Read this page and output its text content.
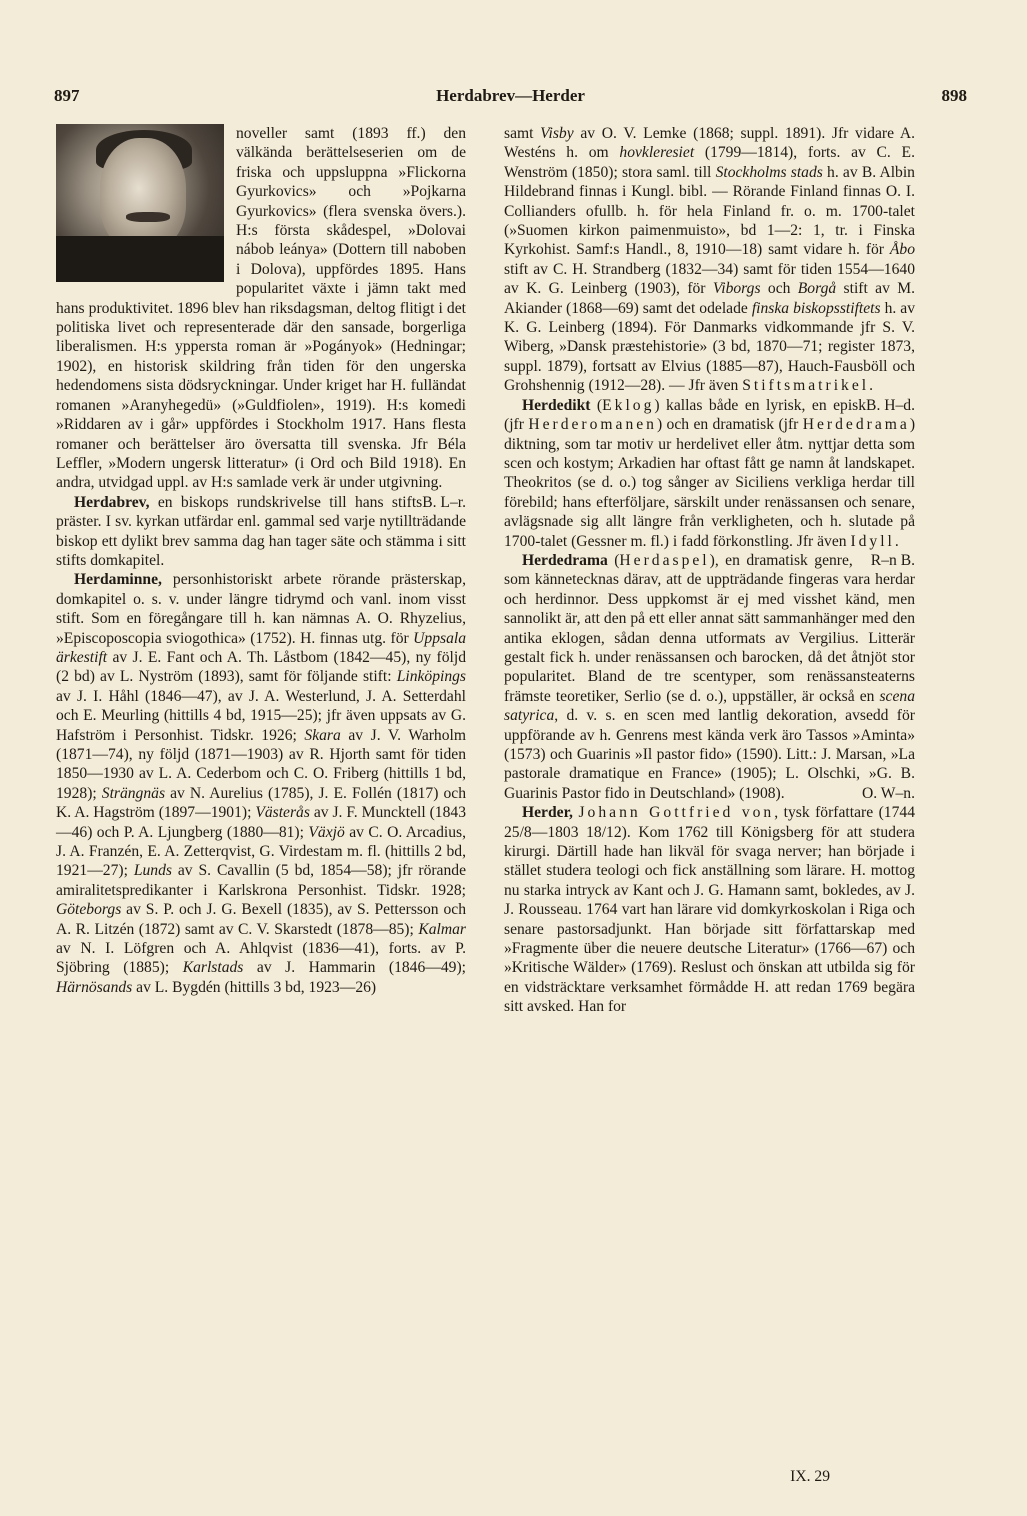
897	Herdabrev—Herder	898

noveller samt (1893 ff.) den välkända berättelseserien om de friska och uppsluppna »Flickorna Gyurkovics» och »Pojkarna Gyurkovics» (flera svenska övers.). H:s första skådespel, »Dolovai nábob leánya» (Dottern till naboben i Dolova), uppfördes 1895. Hans popularitet växte i jämn takt med hans produktivitet. 1896 blev han riksdagsman, deltog flitigt i det politiska livet och representerade där den sansade, borgerliga liberalismen. H:s yppersta roman är »Pogányok» (Hedningar; 1902), en historisk skildring från tiden för den ungerska hedendomens sista dödsryckningar. Under kriget har H. fulländat romanen »Aranyhegedü» (»Guldfiolen», 1919). H:s komedi »Riddaren av i går» uppfördes i Stockholm 1917. Hans flesta romaner och berättelser äro översatta till svenska. Jfr Béla Leffler, »Modern ungersk litteratur» (i Ord och Bild 1918). En andra, utvidgad uppl. av H:s samlade verk är under utgivning.
B. L–r.

Herdabrev, en biskops rundskrivelse till hans stifts präster. I sv. kyrkan utfärdar enl. gammal sed varje nytillträdande biskop ett dylikt brev samma dag han tager säte och stämma i sitt stifts domkapitel.

Herdaminne, personhistoriskt arbete rörande prästerskap, domkapitel o. s. v. under längre tidrymd och vanl. inom visst stift. Som en föregångare till h. kan nämnas A. O. Rhyzelius, »Episcoposcopia sviogothica» (1752). H. finnas utg. för Uppsala ärkestift av J. E. Fant och A. Th. Låstbom (1842—45), ny följd (2 bd) av L. Nyström (1893), samt för följande stift: Linköpings av J. I. Håhl (1846—47), av J. A. Westerlund, J. A. Setterdahl och E. Meurling (hittills 4 bd, 1915—25); jfr även uppsats av G. Hafström i Personhist. Tidskr. 1926; Skara av J. V. Warholm (1871—74), ny följd (1871—1903) av R. Hjorth samt för tiden 1850—1930 av L. A. Cederbom och C. O. Friberg (hittills 1 bd, 1928); Strängnäs av N. Aurelius (1785), J. E. Follén (1817) och K. A. Hagström (1897—1901); Västerås av J. F. Muncktell (1843—46) och P. A. Ljungberg (1880—81); Växjö av C. O. Arcadius, J. A. Franzén, E. A. Zetterqvist, G. Virdestam m. fl. (hittills 2 bd, 1921—27); Lunds av S. Cavallin (5 bd, 1854—58); jfr rörande amiralitetspredikanter i Karlskrona Personhist. Tidskr. 1928; Göteborgs av S. P. och J. G. Bexell (1835), av S. Pettersson och A. R. Litzén (1872) samt av C. V. Skarstedt (1878—85); Kalmar av N. I. Löfgren och A. Ahlqvist (1836—41), forts. av P. Sjöbring (1885); Karlstads av J. Hammarin (1846—49); Härnösands av L. Bygdén (hittills 3 bd, 1923—26)

samt Visby av O. V. Lemke (1868; suppl. 1891). Jfr vidare A. Westéns h. om hovkleresiet (1799—1814), forts. av C. E. Wenström (1850); stora saml. till Stockholms stads h. av B. Albin Hildebrand finnas i Kungl. bibl. — Rörande Finland finnas O. I. Collianders ofullb. h. för hela Finland fr. o. m. 1700-talet (»Suomen kirkon paimenmuisto», bd 1—2: 1, tr. i Finska Kyrkohist. Samf:s Handl., 8, 1910—18) samt vidare h. för Åbo stift av C. H. Strandberg (1832—34) samt för tiden 1554—1640 av K. G. Leinberg (1903), för Viborgs och Borgå stift av M. Akiander (1868—69) samt det odelade finska biskopsstiftets h. av K. G. Leinberg (1894). För Danmarks vidkommande jfr S. V. Wiberg, »Dansk præstehistorie» (3 bd, 1870—71; register 1873, suppl. 1879), fortsatt av Elvius (1885—87), Hauch-Fausböll och Grohshennig (1912—28). — Jfr även Stiftsmatrikel.
B. H–d.

Herdedikt (Eklog) kallas både en lyrisk, en episk (jfr Herderomanen) och en dramatisk (jfr Herdedrama) diktning, som tar motiv ur herdelivet eller åtm. nyttjar detta som scen och kostym; Arkadien har oftast fått ge namn åt landskapet. Theokritos (se d. o.) tog sånger av Siciliens verkliga herdar till förebild; hans efterföljare, särskilt under renässansen och senare, avlägsnade sig allt längre från verkligheten, och h. slutade på 1700-talet (Gessner m. fl.) i fadd förkonstling. Jfr även Idyll.
R–n B.

Herdedrama (Herdaspel), en dramatisk genre, som kännetecknas därav, att de uppträdande fingeras vara herdar och herdinnor. Dess uppkomst är ej med visshet känd, men sannolikt är, att den på ett eller annat sätt sammanhänger med den antika eklogen, sådan denna utformats av Vergilius. Litterär gestalt fick h. under renässansen och barocken, då det åtnjöt stor popularitet. Bland de tre scentyper, som renässansteaterns främste teoretiker, Serlio (se d. o.), uppställer, är också en scena satyrica, d. v. s. en scen med lantlig dekoration, avsedd för uppförande av h. Genrens mest kända verk äro Tassos »Aminta» (1573) och Guarinis »Il pastor fido» (1590). Litt.: J. Marsan, »La pastorale dramatique en France» (1905); L. Olschki, »G. B. Guarinis Pastor fido in Deutschland» (1908).	O. W–n.

Herder, Johann Gottfried von, tysk författare (1744 25/8—1803 18/12). Kom 1762 till Königsberg för att studera kirurgi. Därtill hade han likväl för svaga nerver; han började i stället studera teologi och fick anställning som lärare. H. mottog nu starka intryck av Kant och J. G. Hamann samt, bokledes, av J. J. Rousseau. 1764 vart han lärare vid domkyrkoskolan i Riga och senare pastorsadjunkt. Han började sitt författarskap med »Fragmente über die neuere deutsche Literatur» (1766—67) och »Kritische Wälder» (1769). Reslust och önskan att utbilda sig för en vidsträcktare verksamhet förmådde H. att redan 1769 begära sitt avsked. Han for

IX. 29
